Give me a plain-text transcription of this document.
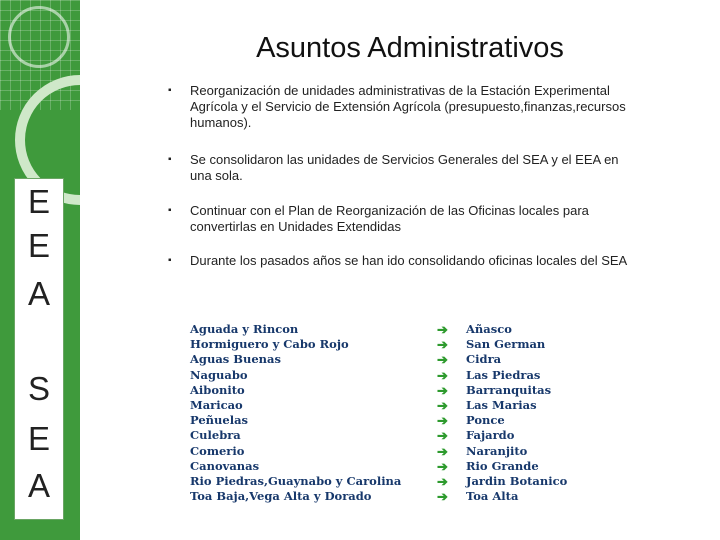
E
E
A
S
E
A
Asuntos Administrativos
▪ Reorganización de unidades administrativas de la Estación Experimental Agrícola y el Servicio de Extensión Agrícola (presupuesto,finanzas,recursos humanos).
▪ Se consolidaron las unidades de Servicios Generales del SEA y el EEA en una sola.
▪ Continuar con el Plan de Reorganización de las Oficinas locales para convertirlas en Unidades Extendidas
▪ Durante los pasados años se han ido consolidando oficinas locales del SEA
Aguada y Rincon
Hormiguero y Cabo Rojo
Aguas Buenas
Naguabo
Aibonito
Maricao
Peñuelas
Culebra
Comerio
Canovanas
Rio Piedras,Guaynabo y Carolina
Toa Baja,Vega Alta y Dorado
➔
➔
➔
➔
➔
➔
➔
➔
➔
➔
➔
➔
Añasco
San German
Cidra
Las Piedras
Barranquitas
Las Marias
Ponce
Fajardo
Naranjito
Rio Grande
Jardin Botanico
Toa Alta
